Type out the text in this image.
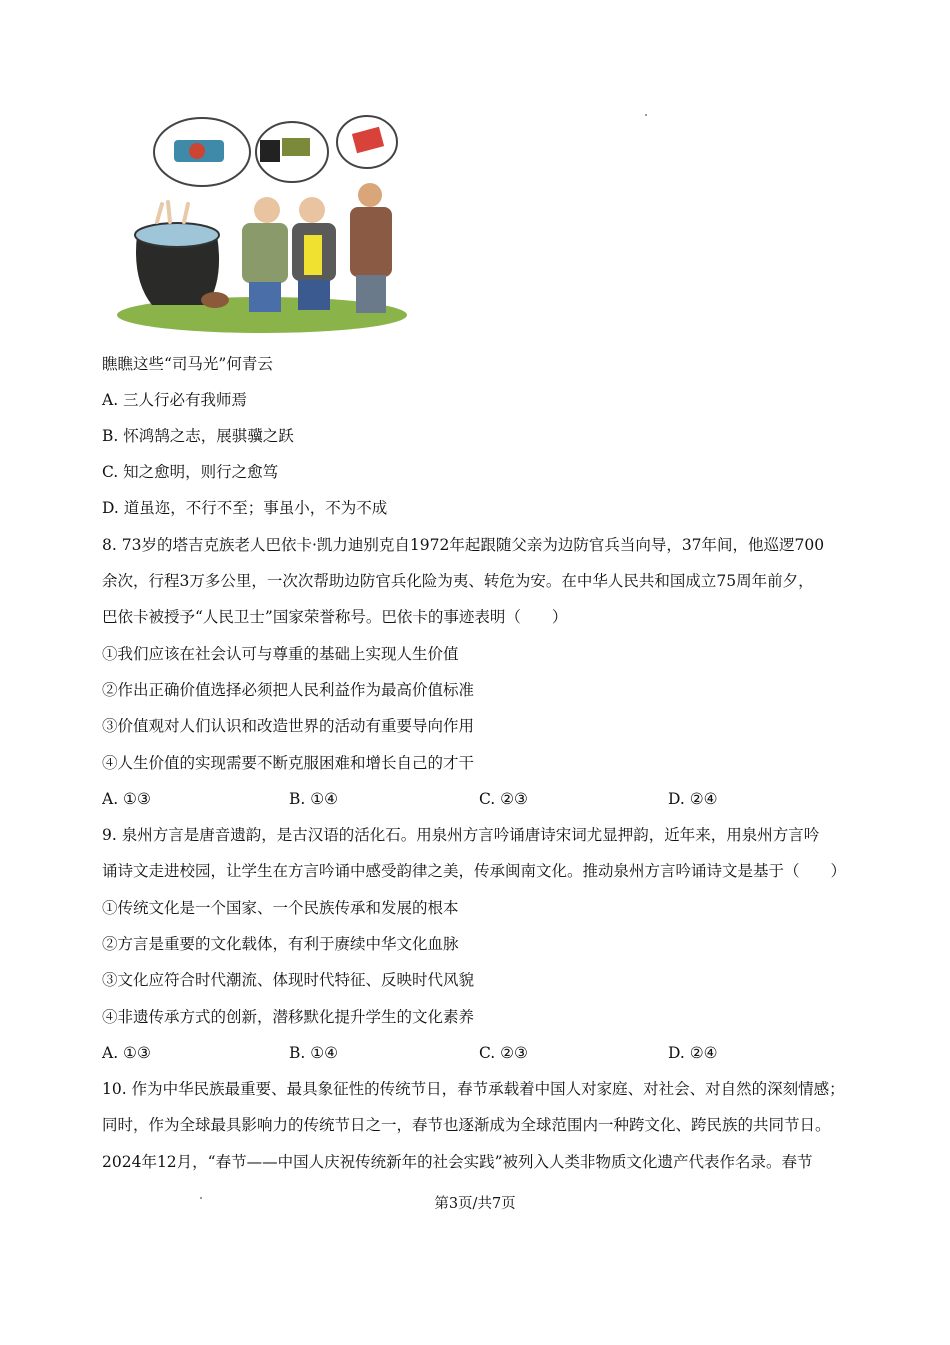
瞧瞧这些“司马光”何青云
A. 三人行必有我师焉
B. 怀鸿鹄之志，展骐骥之跃
C. 知之愈明，则行之愈笃
D. 道虽迩，不行不至；事虽小，不为不成
8. 73岁的塔吉克族老人巴依卡·凯力迪别克自1972年起跟随父亲为边防官兵当向导，37年间，他巡逻700
余次，行程3万多公里，一次次帮助边防官兵化险为夷、转危为安。在中华人民共和国成立75周年前夕，
巴依卡被授予“人民卫士”国家荣誉称号。巴依卡的事迹表明（　　）
①我们应该在社会认可与尊重的基础上实现人生价值
②作出正确价值选择必须把人民利益作为最高价值标准
③价值观对人们认识和改造世界的活动有重要导向作用
④人生价值的实现需要不断克服困难和增长自己的才干
A. ①③	B. ①④	C. ②③	D. ②④
9. 泉州方言是唐音遗韵，是古汉语的活化石。用泉州方言吟诵唐诗宋词尤显押韵，近年来，用泉州方言吟
诵诗文走进校园，让学生在方言吟诵中感受韵律之美，传承闽南文化。推动泉州方言吟诵诗文是基于（　　）
①传统文化是一个国家、一个民族传承和发展的根本
②方言是重要的文化载体，有利于赓续中华文化血脉
③文化应符合时代潮流、体现时代特征、反映时代风貌
④非遗传承方式的创新，潜移默化提升学生的文化素养
A. ①③	B. ①④	C. ②③	D. ②④
10. 作为中华民族最重要、最具象征性的传统节日，春节承载着中国人对家庭、对社会、对自然的深刻情感；
同时，作为全球最具影响力的传统节日之一，春节也逐渐成为全球范围内一种跨文化、跨民族的共同节日。
2024年12月，“春节——中国人庆祝传统新年的社会实践”被列入人类非物质文化遗产代表作名录。春节
第3页/共7页
